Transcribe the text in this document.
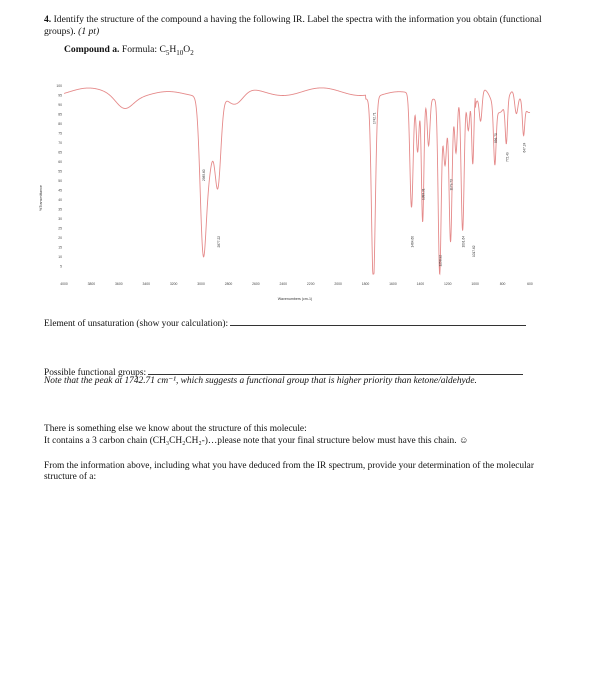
4. Identify the structure of the compound a having the following IR. Label the spectra with the information you obtain (functional groups). (1 pt)
Compound a. Formula: $C_5H_{10}O_2$
100
95
90
85
80
75
70
65
60
55
50
45
40
35
30
25
20
15
10
5
4000	3800	3600	3400	3200	3000	2800	2600	2400	2200	2000	1800	1600	1400	1200	1000	800	600
%Transmittance
Wavenumbers (cm-1)
2985.60
2877.22
1742.71
1464.60
1383.31
1258.92
1179.73
1091.64
1017.62
856.70
772.49
647.24
Element of unsaturation (show your calculation):
Possible functional groups:
Note that the peak at 1742.71 cm⁻¹, which suggests a functional group that is higher priority than ketone/aldehyde.
There is something else we know about the structure of this molecule:
It contains a 3 carbon chain (CH₃CH₂CH₂-)…please note that your final structure below must have this chain. ☺
From the information above, including what you have deduced from the IR spectrum, provide your determination of the molecular structure of a:
